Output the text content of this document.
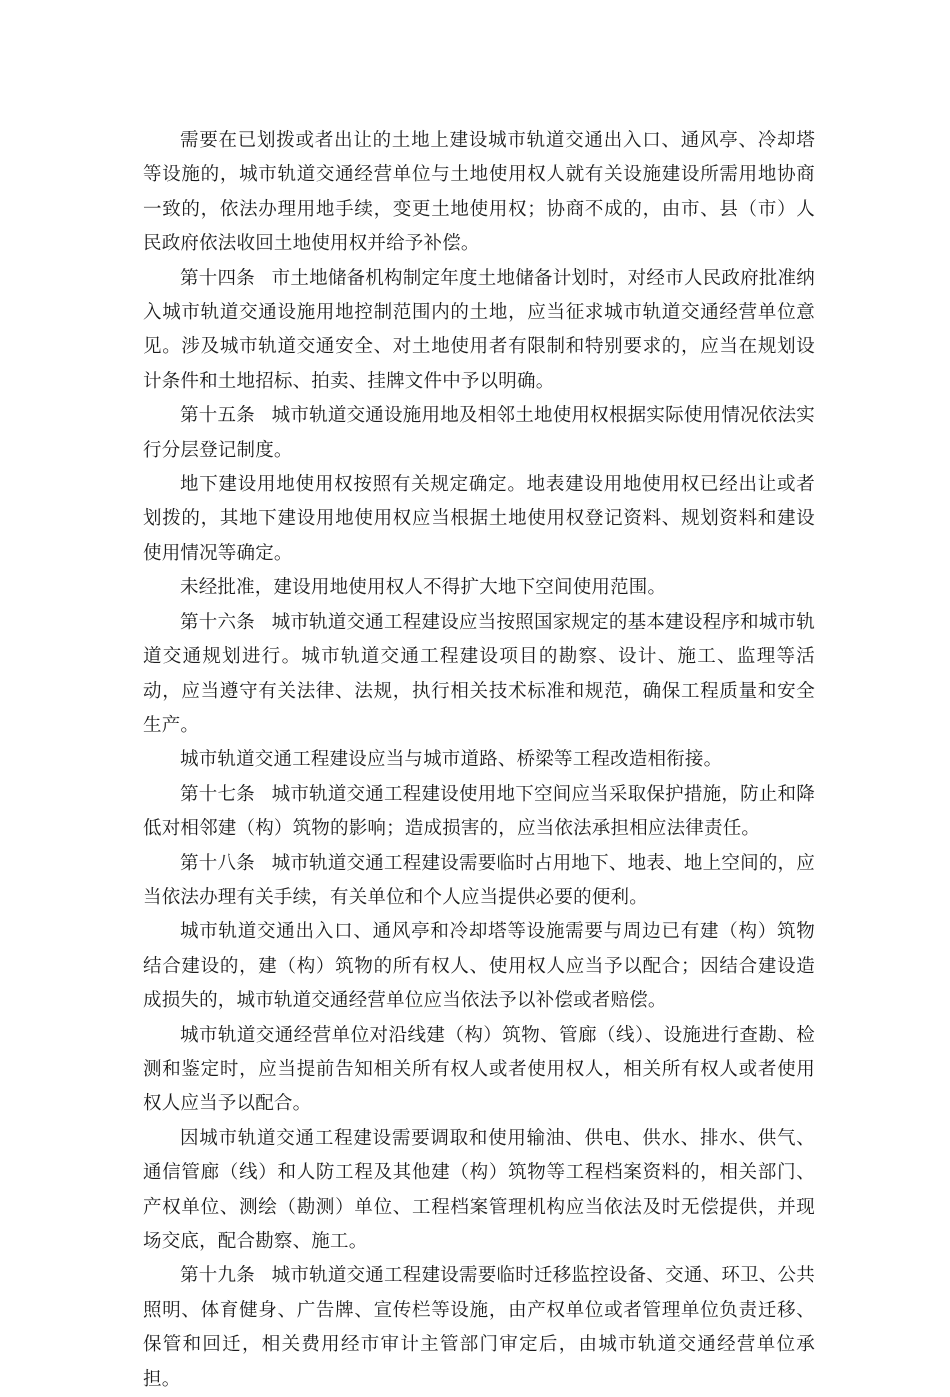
需要在已划拨或者出让的土地上建设城市轨道交通出入口、通风亭、冷却塔等设施的，城市轨道交通经营单位与土地使用权人就有关设施建设所需用地协商一致的，依法办理用地手续，变更土地使用权；协商不成的，由市、县（市）人民政府依法收回土地使用权并给予补偿。

第十四条 市土地储备机构制定年度土地储备计划时，对经市人民政府批准纳入城市轨道交通设施用地控制范围内的土地，应当征求城市轨道交通经营单位意见。涉及城市轨道交通安全、对土地使用者有限制和特别要求的，应当在规划设计条件和土地招标、拍卖、挂牌文件中予以明确。

第十五条 城市轨道交通设施用地及相邻土地使用权根据实际使用情况依法实行分层登记制度。

地下建设用地使用权按照有关规定确定。地表建设用地使用权已经出让或者划拨的，其地下建设用地使用权应当根据土地使用权登记资料、规划资料和建设使用情况等确定。

未经批准，建设用地使用权人不得扩大地下空间使用范围。

第十六条 城市轨道交通工程建设应当按照国家规定的基本建设程序和城市轨道交通规划进行。城市轨道交通工程建设项目的勘察、设计、施工、监理等活动，应当遵守有关法律、法规，执行相关技术标准和规范，确保工程质量和安全生产。

城市轨道交通工程建设应当与城市道路、桥梁等工程改造相衔接。

第十七条 城市轨道交通工程建设使用地下空间应当采取保护措施，防止和降低对相邻建（构）筑物的影响；造成损害的，应当依法承担相应法律责任。

第十八条 城市轨道交通工程建设需要临时占用地下、地表、地上空间的，应当依法办理有关手续，有关单位和个人应当提供必要的便利。

城市轨道交通出入口、通风亭和冷却塔等设施需要与周边已有建（构）筑物结合建设的，建（构）筑物的所有权人、使用权人应当予以配合；因结合建设造成损失的，城市轨道交通经营单位应当依法予以补偿或者赔偿。

城市轨道交通经营单位对沿线建（构）筑物、管廊（线）、设施进行查勘、检测和鉴定时，应当提前告知相关所有权人或者使用权人，相关所有权人或者使用权人应当予以配合。

因城市轨道交通工程建设需要调取和使用输油、供电、供水、排水、供气、通信管廊（线）和人防工程及其他建（构）筑物等工程档案资料的，相关部门、产权单位、测绘（勘测）单位、工程档案管理机构应当依法及时无偿提供，并现场交底，配合勘察、施工。

第十九条 城市轨道交通工程建设需要临时迁移监控设备、交通、环卫、公共照明、体育健身、广告牌、宣传栏等设施，由产权单位或者管理单位负责迁移、保管和回迁，相关费用经市审计主管部门审定后，由城市轨道交通经营单位承担。
